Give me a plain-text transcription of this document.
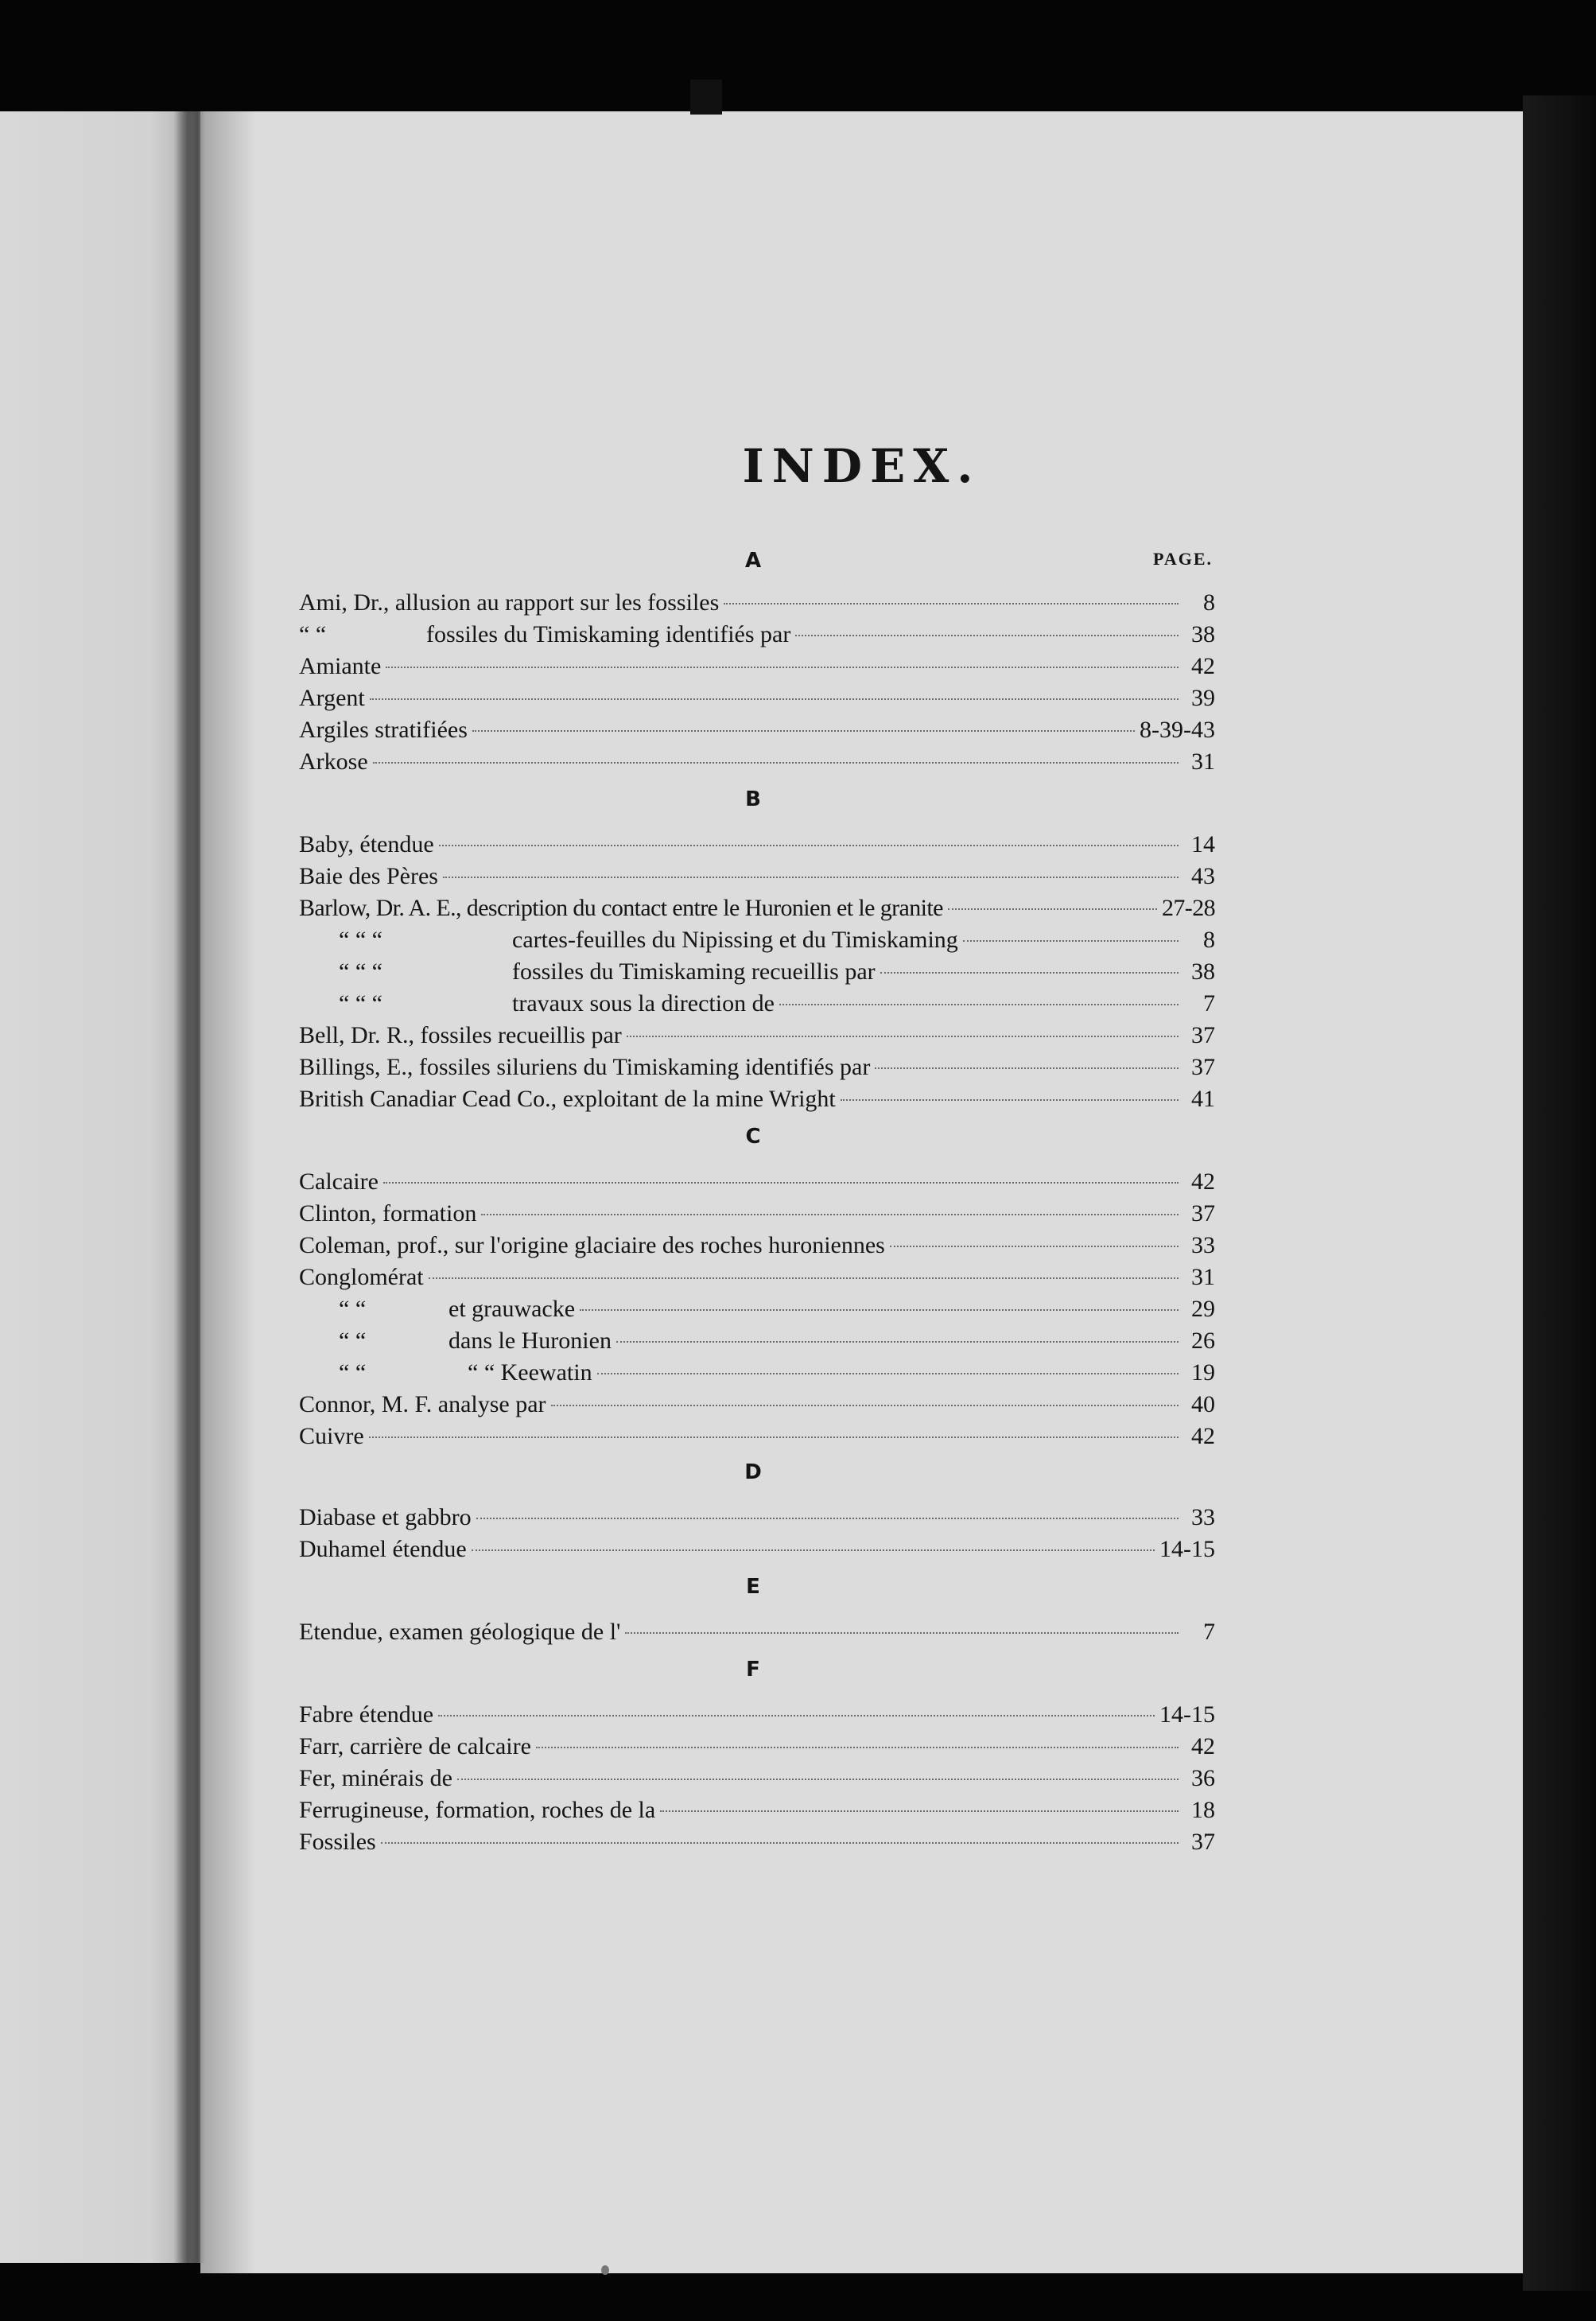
INDEX.
PAGE.
A
Ami, Dr., allusion au rapport sur les fossiles	8
“ “	fossiles du Timiskaming identifiés par	38
Amiante	42
Argent	39
Argiles stratifiées	8-39-43
Arkose	31
B
Baby, étendue	14
Baie des Pères	43
Barlow, Dr. A. E., description du contact entre le Huronien et le granite	27-28
“ “ “	cartes-feuilles du Nipissing et du Timiskaming	8
“ “ “	fossiles du Timiskaming recueillis par	38
“ “ “	travaux sous la direction de	7
Bell, Dr. R., fossiles recueillis par	37
Billings, E., fossiles siluriens du Timiskaming identifiés par	37
British Canadiar Cead Co., exploitant de la mine Wright	41
C
Calcaire	42
Clinton, formation	37
Coleman, prof., sur l'origine glaciaire des roches huroniennes	33
Conglomérat	31
“ “	et grauwacke	29
“ “	dans le Huronien	26
“ “	“ “ Keewatin	19
Connor, M. F. analyse par	40
Cuivre	42
D
Diabase et gabbro	33
Duhamel étendue	14-15
E
Etendue, examen géologique de l'	7
F
Fabre étendue	14-15
Farr, carrière de calcaire	42
Fer, minérais de	36
Ferrugineuse, formation, roches de la	18
Fossiles	37
